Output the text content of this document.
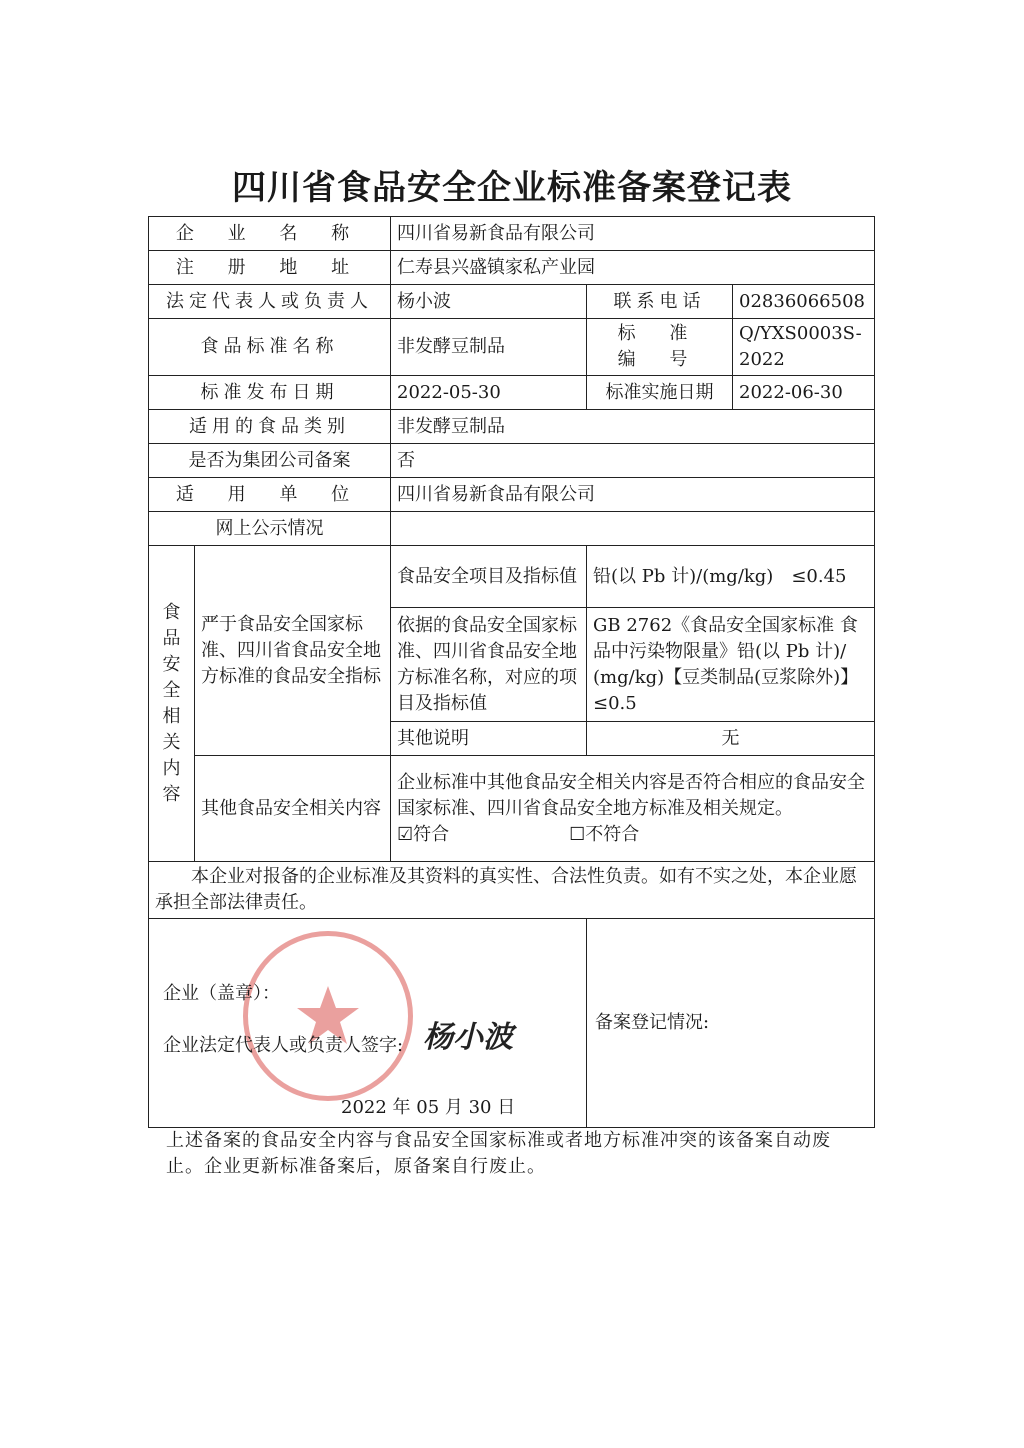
四川省食品安全企业标准备案登记表
企 业 名 称		四川省易新食品有限公司		
注 册 地 址		仁寿县兴盛镇家私产业园		
法定代表人或负责人		杨小波	联系电话	02836066508
食品标准名称		非发酵豆制品	标 准 编 号	Q/YXS0003S-2022
标准发布日期		2022-05-30	标准实施日期	2022-06-30
适用的食品类别		非发酵豆制品		
是否为集团公司备案		否		
适 用 单 位		四川省易新食品有限公司		
网上公示情况				
食品安全相关内容	严于食品安全国家标准、四川省食品安全地方标准的食品安全指标	食品安全项目及指标值	铅(以 Pb 计)/(mg/kg)　≤0.45	
		依据的食品安全国家标准、四川省食品安全地方标准名称，对应的项目及指标值	GB 2762《食品安全国家标准 食品中污染物限量》铅(以 Pb 计)/(mg/kg)【豆类制品(豆浆除外)】≤0.5	
		其他说明	无	
	其他食品安全相关内容	企业标准中其他食品安全相关内容是否符合相应的食品安全国家标准、四川省食品安全地方标准及相关规定。
☑符合 ☐不符合		

本企业对报备的企业标准及其资料的真实性、合法性负责。如有不实之处，本企业愿承担全部法律责任。				

企业（盖章）：
企业法定代表人或负责人签字: 杨小波
2022 年 05 月 30 日			备案登记情况:	
上述备案的食品安全内容与食品安全国家标准或者地方标准冲突的该备案自动废止。企业更新标准备案后，原备案自行废止。
